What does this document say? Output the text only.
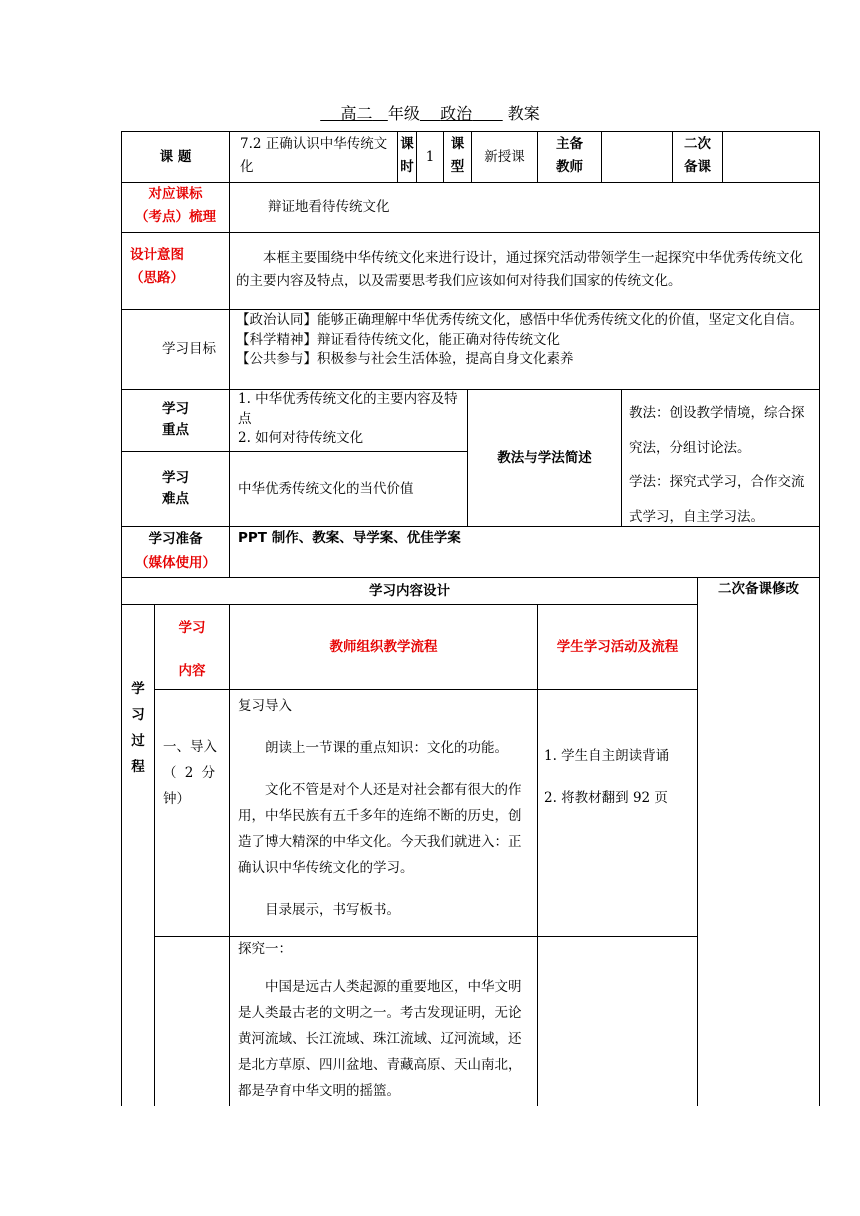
高二 年级 政治 教案
课 题
7.2 正确认识中华传统文化
课时
1
课型
新授课
主备教师
二次备课
对应课标
（考点）梳理
辩证地看待传统文化
设计意图
（思路）
本框主要围绕中华传统文化来进行设计，通过探究活动带领学生一起探究中华优秀传统文化的主要内容及特点，以及需要思考我们应该如何对待我们国家的传统文化。
学习目标
【政治认同】能够正确理解中华优秀传统文化，感悟中华优秀传统文化的价值，坚定文化自信。
【科学精神】辩证看待传统文化，能正确对待传统文化
【公共参与】积极参与社会生活体验，提高自身文化素养
学习
重点
1. 中华优秀传统文化的主要内容及特点
2. 如何对待传统文化
学习
难点
中华优秀传统文化的当代价值
教法与学法简述
教法：创设教学情境，综合探究法，分组讨论法。
学法：探究式学习，合作交流式学习，自主学习法。
学习准备
（媒体使用）
PPT 制作、教案、导学案、优佳学案
学习内容设计	二次备课修改
学
习
过
程
学习
内容
教师组织教学流程	学生学习活动及流程
一、导入
（ 2 分
钟）

复习导入

朗读上一节课的重点知识：文化的功能。

文化不管是对个人还是对社会都有很大的作用，中华民族有五千多年的连绵不断的历史，创造了博大精深的中华文化。今天我们就进入：正确认识中华传统文化的学习。

目录展示，书写板书。

1. 学生自主朗读背诵
2. 将教材翻到 92 页

探究一：

中国是远古人类起源的重要地区，中华文明是人类最古老的文明之一。考古发现证明，无论黄河流域、长江流域、珠江流域、辽河流域，还是北方草原、四川盆地、青藏高原、天山南北，都是孕育中华文明的摇篮。
